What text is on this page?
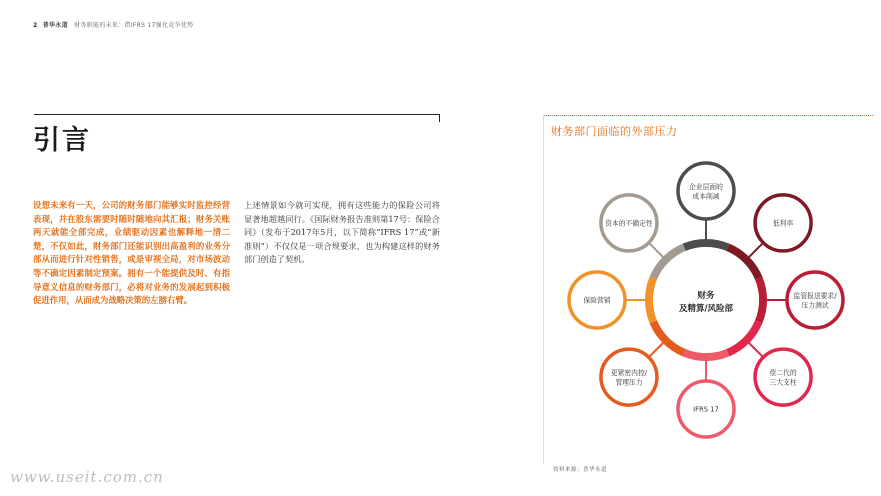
2 普华永道 财务职能的未来：借IFRS 17强化竞争优势
引言
设想未来有一天，公司的财务部门能够实时监控经营表现，并在股东需要时随时随地向其汇报；财务关账两天就能全部完成，业绩驱动因素也解释地一清二楚，不仅如此，财务部门还能识别出高盈利的业务分部从而进行针对性销售，或是审视全局，对市场波动等不确定因素制定预案。拥有一个能提供及时、有指导意义信息的财务部门，必将对业务的发展起到积极促进作用，从而成为战略决策的左膀右臂。
上述情景如今就可实现，拥有这些能力的保险公司将显著地超越同行。《国际财务报告准则第17号：保险合同》（发布于2017年5月，以下简称“IFRS 17”或“新准则”）不仅仅是一项合规要求，也为构建这样的财务部门创造了契机。
财务部门面临的外部压力
财务
及精算/风险部
企业层面的
成本削减
低利率
监管报送要求/
压力测试
偿二代的
三大支柱
IFRS 17
更紧密内控/
管理压力
保险营销
资本的不确定性
资料来源：普华永道
www.useit.com.cn
